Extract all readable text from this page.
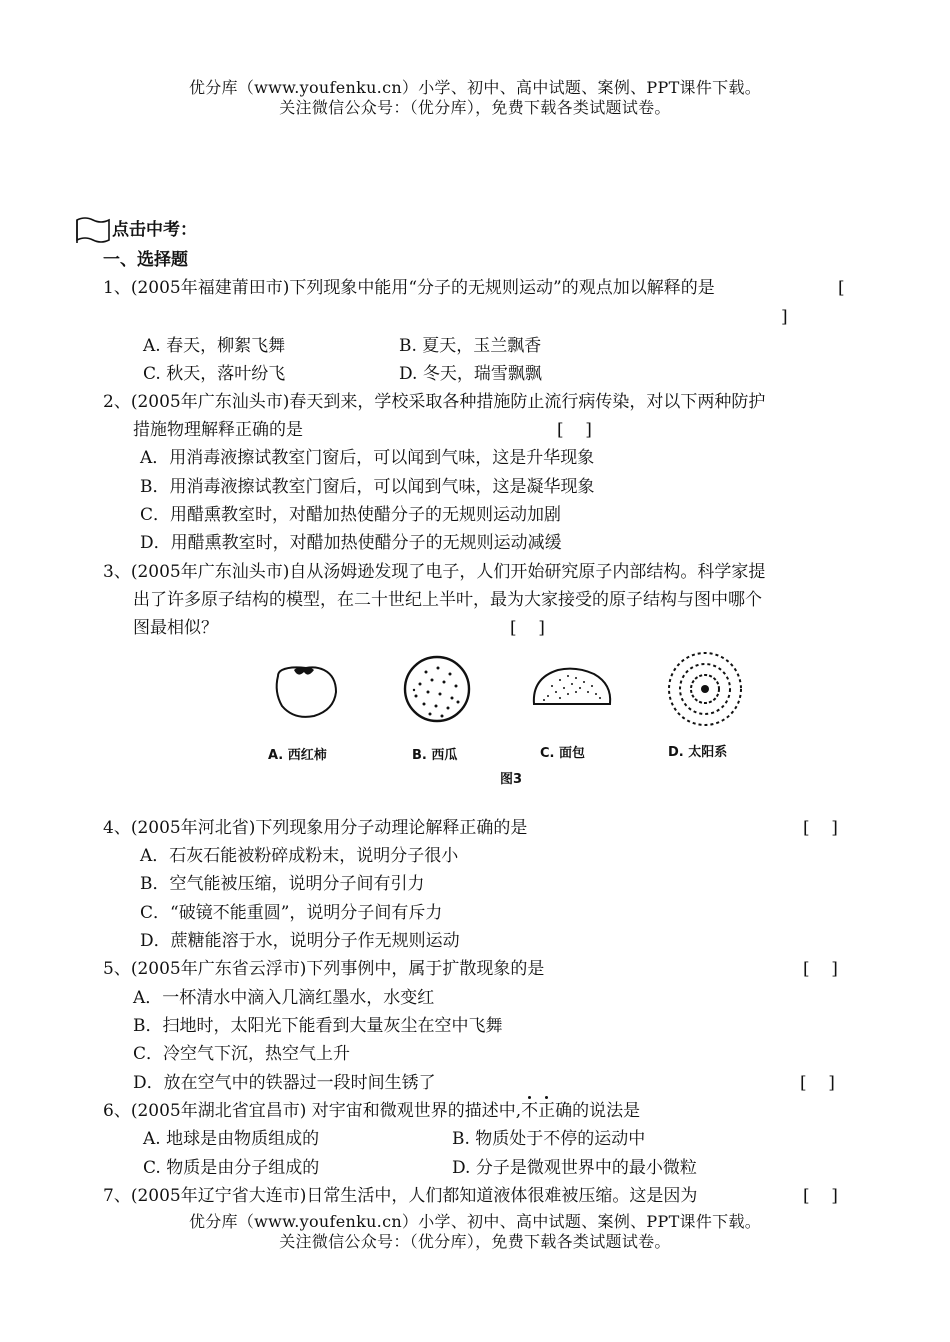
优分库（www.youfenku.cn）小学、初中、高中试题、案例、PPT课件下载。
关注微信公众号：（优分库），免费下载各类试题试卷。
点击中考：
一、选择题
1、(2005年福建莆田市)下列现象中能用“分子的无规则运动”的观点加以解释的是	[
]
A. 春天，柳絮飞舞	B. 夏天，玉兰飘香
C. 秋天，落叶纷飞	D. 冬天，瑞雪飘飘
2、(2005年广东汕头市)春天到来，学校采取各种措施防止流行病传染，对以下两种防护
措施物理解释正确的是	[    ]
A．用消毒液擦试教室门窗后，可以闻到气味，这是升华现象
B．用消毒液擦试教室门窗后，可以闻到气味，这是凝华现象
C．用醋熏教室时，对醋加热使醋分子的无规则运动加剧
D．用醋熏教室时，对醋加热使醋分子的无规则运动减缓
3、(2005年广东汕头市)自从汤姆逊发现了电子，人们开始研究原子内部结构。科学家提
出了许多原子结构的模型，在二十世纪上半叶，最为大家接受的原子结构与图中哪个
图最相似？	[    ]
A. 西红柿	B. 西瓜	C. 面包	D. 太阳系
图3
4、(2005年河北省)下列现象用分子动理论解释正确的是	[    ]
A．石灰石能被粉碎成粉末，说明分子很小
B．空气能被压缩，说明分子间有引力
C．“破镜不能重圆”，说明分子间有斥力
D．蔗糖能溶于水，说明分子作无规则运动
5、(2005年广东省云浮市)下列事例中，属于扩散现象的是	[    ]
A．一杯清水中滴入几滴红墨水，水变红
B．扫地时，太阳光下能看到大量灰尘在空中飞舞
C．冷空气下沉，热空气上升
D．放在空气中的铁器过一段时间生锈了	[    ]
6、(2005年湖北省宜昌市) 对宇宙和微观世界的描述中,不正确的说法是
A. 地球是由物质组成的	B. 物质处于不停的运动中
C. 物质是由分子组成的	D. 分子是微观世界中的最小微粒
7、(2005年辽宁省大连市)日常生活中，人们都知道液体很难被压缩。这是因为	[    ]
优分库（www.youfenku.cn）小学、初中、高中试题、案例、PPT课件下载。
关注微信公众号：（优分库），免费下载各类试题试卷。
